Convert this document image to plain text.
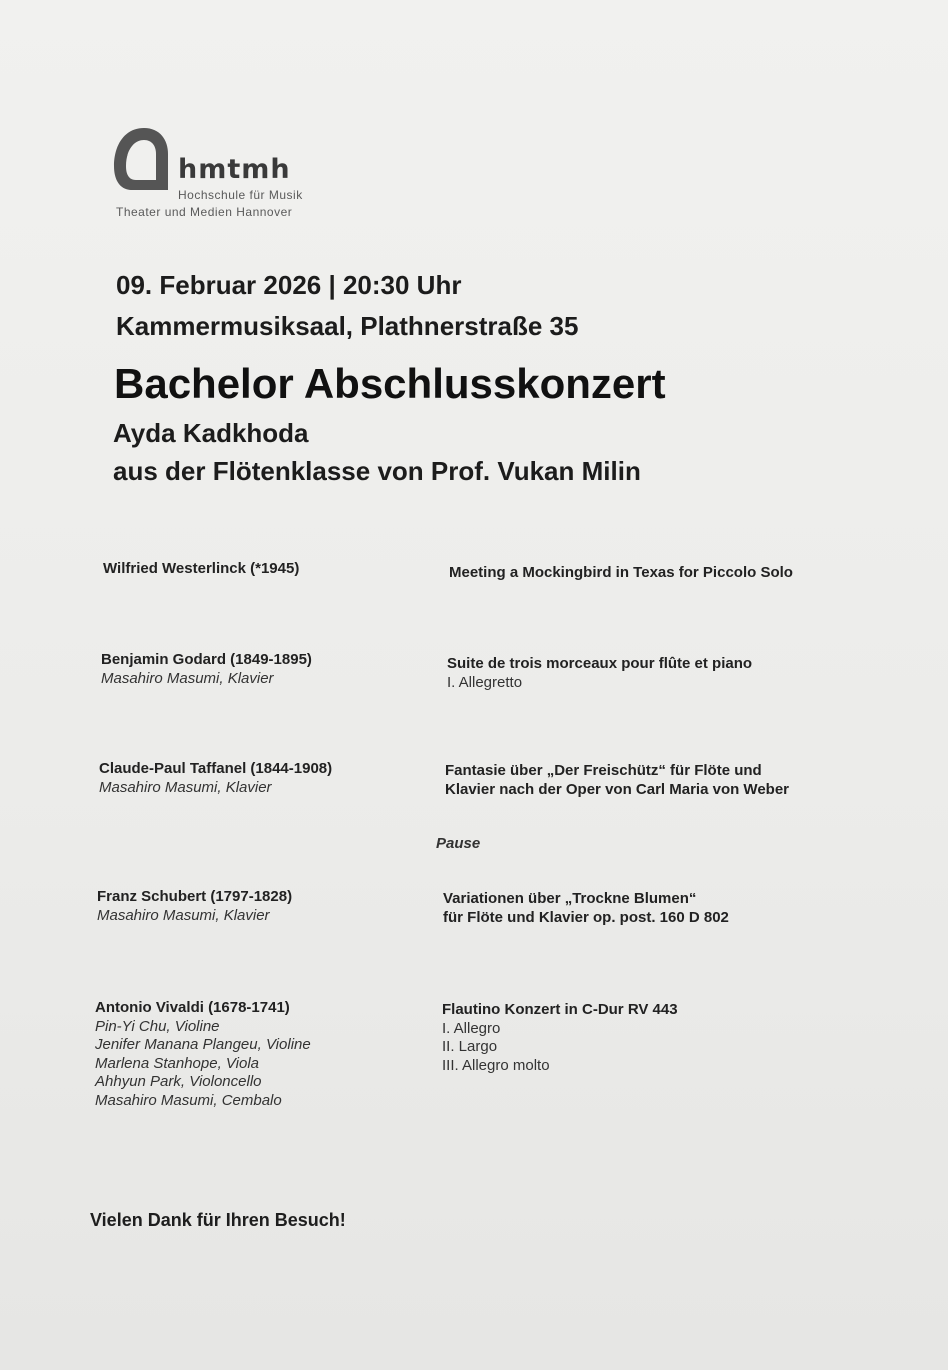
hmtmh
Hochschule für Musik
Theater und Medien Hannover
09. Februar 2026 | 20:30 Uhr
Kammermusiksaal, Plathnerstraße 35
Bachelor Abschlusskonzert
Ayda Kadkhoda
aus der Flötenklasse von Prof. Vukan Milin
Wilfried Westerlinck (*1945)	Meeting a Mockingbird in Texas for Piccolo Solo
Benjamin Godard (1849-1895)
Masahiro Masumi, Klavier
Suite de trois morceaux pour flûte et piano
I. Allegretto
Claude-Paul Taffanel (1844-1908)
Masahiro Masumi, Klavier
Fantasie über „Der Freischütz“ für Flöte und
Klavier nach der Oper von Carl Maria von Weber
Pause
Franz Schubert (1797-1828)
Masahiro Masumi, Klavier
Variationen über „Trockne Blumen“
für Flöte und Klavier op. post. 160 D 802
Antonio Vivaldi (1678-1741)
Pin-Yi Chu, Violine
Jenifer Manana Plangeu, Violine
Marlena Stanhope, Viola
Ahhyun Park, Violoncello
Masahiro Masumi, Cembalo
Flautino Konzert in C-Dur RV 443
I. Allegro
II. Largo
III. Allegro molto
Vielen Dank für Ihren Besuch!
